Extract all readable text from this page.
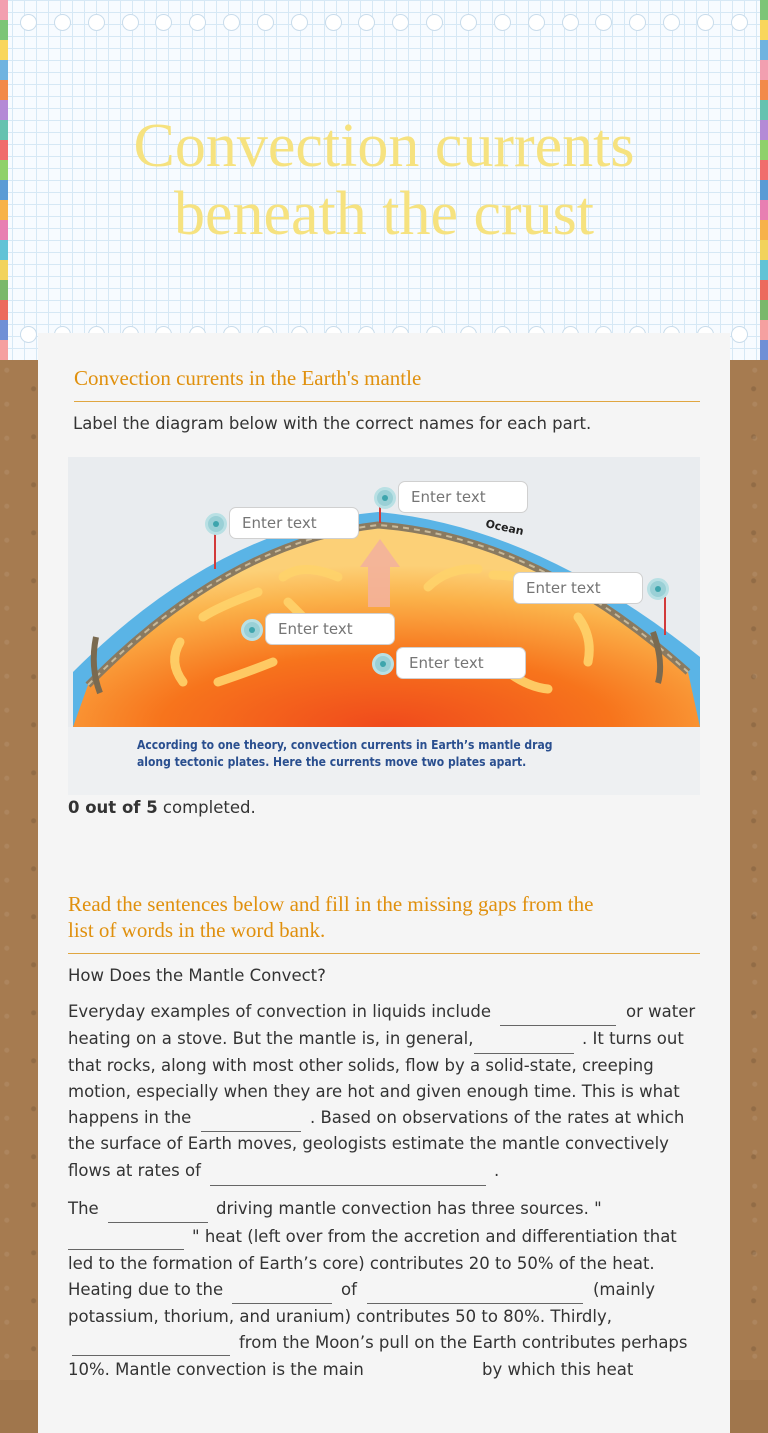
Convection currents beneath the crust
Convection currents in the Earth's mantle
Label the diagram below with the correct names for each part.
Ocean
According to one theory, convection currents in Earth’s mantle drag
along tectonic plates. Here the currents move two plates apart.
Enter text
Enter text
Enter text
Enter text
Enter text
0 out of 5 completed.
Read the sentences below and fill in the missing gaps from the
list of words in the word bank.
How Does the Mantle Convect?
Everyday examples of convection in liquids include	or water
heating on a stove. But the mantle is, in general,	. It turns out
that rocks, along with most other solids, flow by a solid-state, creeping
motion, especially when they are hot and given enough time. This is what
happens in the	. Based on observations of the rates at which
the surface of Earth moves, geologists estimate the mantle convectively
flows at rates of	.
The	driving mantle convection has three sources. "
" heat (left over from the accretion and differentiation that
led to the formation of Earth’s core) contributes 20 to 50% of the heat.
Heating due to the	of	(mainly
potassium, thorium, and uranium) contributes 50 to 80%. Thirdly,
from the Moon’s pull on the Earth contributes perhaps
10%. Mantle convection is the main	by which this heat
